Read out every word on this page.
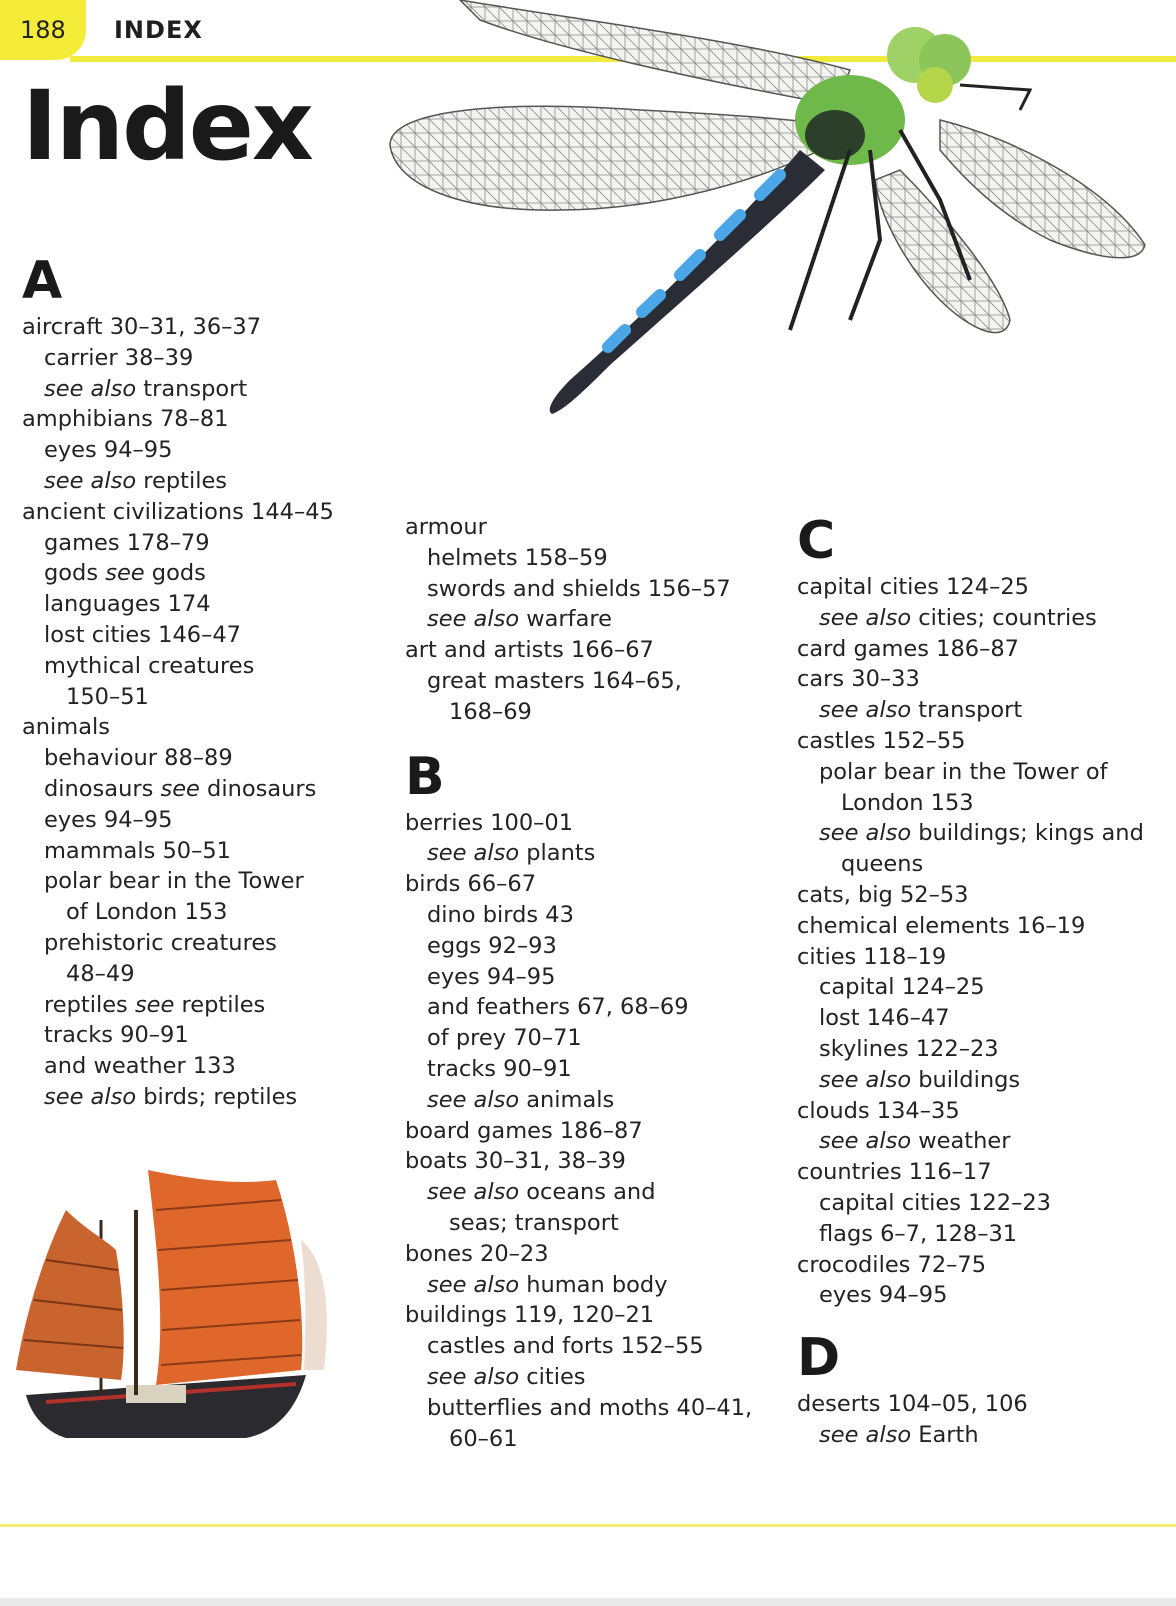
188	INDEX
Index
A
aircraft 30–31, 36–37
carrier 38–39
see also transport
amphibians 78–81
eyes 94–95
see also reptiles
ancient civilizations 144–45
games 178–79
gods see gods
languages 174
lost cities 146–47
mythical creatures
150–51
animals
behaviour 88–89
dinosaurs see dinosaurs
eyes 94–95
mammals 50–51
polar bear in the Tower
of London 153
prehistoric creatures
48–49
reptiles see reptiles
tracks 90–91
and weather 133
see also birds; reptiles
armour
helmets 158–59
swords and shields 156–57
see also warfare
art and artists 166–67
great masters 164–65,
168–69
B
berries 100–01
see also plants
birds 66–67
dino birds 43
eggs 92–93
eyes 94–95
and feathers 67, 68–69
of prey 70–71
tracks 90–91
see also animals
board games 186–87
boats 30–31, 38–39
see also oceans and
seas; transport
bones 20–23
see also human body
buildings 119, 120–21
castles and forts 152–55
see also cities
butterflies and moths 40–41,
60–61
C
capital cities 124–25
see also cities; countries
card games 186–87
cars 30–33
see also transport
castles 152–55
polar bear in the Tower of
London 153
see also buildings; kings and
queens
cats, big 52–53
chemical elements 16–19
cities 118–19
capital 124–25
lost 146–47
skylines 122–23
see also buildings
clouds 134–35
see also weather
countries 116–17
capital cities 122–23
flags 6–7, 128–31
crocodiles 72–75
eyes 94–95
D
deserts 104–05, 106
see also Earth
